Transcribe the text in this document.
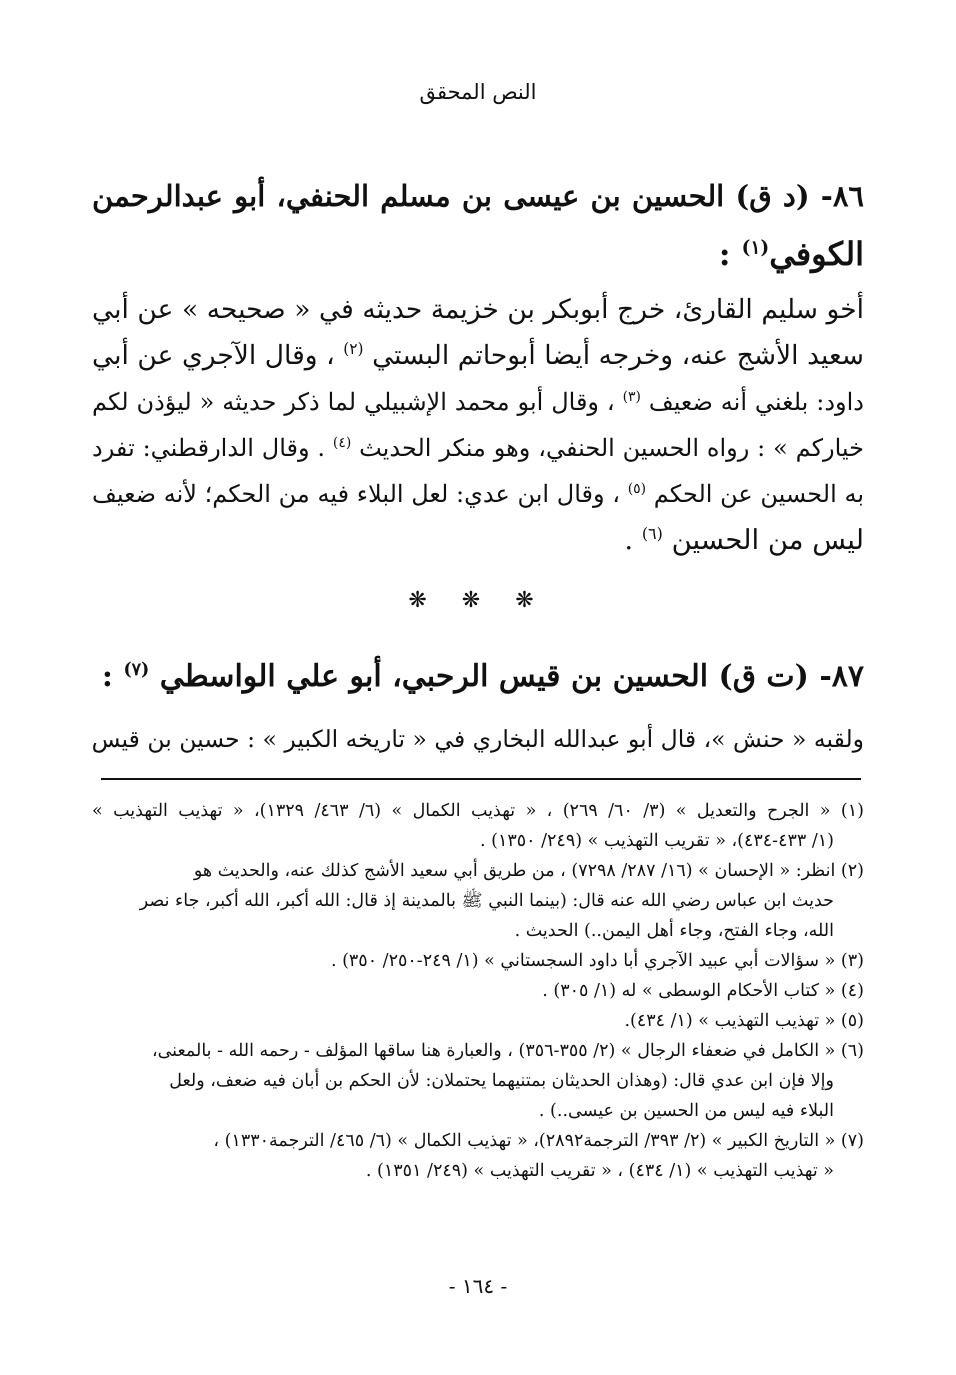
النص المحقق
٨٦- (د ق) الحسين بن عيسى بن مسلم الحنفي، أبو عبدالرحمن
الكوفي$^{(١)}$ :
أخو سليم القارئ، خرج أبوبكر بن خزيمة حديثه في « صحيحه » عن أبي
سعيد الأشج عنه، وخرجه أيضا أبوحاتم البستي $^{(٢)}$ ، وقال الآجري عن أبي
داود: بلغني أنه ضعيف $^{(٣)}$ ، وقال أبو محمد الإشبيلي لما ذكر حديثه « ليؤذن لكم
خياركم » : رواه الحسين الحنفي، وهو منكر الحديث $^{(٤)}$ . وقال الدارقطني: تفرد
به الحسين عن الحكم $^{(٥)}$ ، وقال ابن عدي: لعل البلاء فيه من الحكم؛ لأنه ضعيف
ليس من الحسين $^{(٦)}$ .
❋ ❋ ❋
٨٧- (ت ق) الحسين بن قيس الرحبي، أبو علي الواسطي $^{(٧)}$ :
ولقبه « حنش »، قال أبو عبدالله البخاري في « تاريخه الكبير » : حسين بن قيس
(١) « الجرح والتعديل » (٣/ ٦٠/ ٢٦٩) ، « تهذيب الكمال » (٦/ ٤٦٣/ ١٣٢٩)، « تهذيب التهذيب »
(١/ ٤٣٣-٤٣٤)، « تقريب التهذيب » (٢٤٩/ ١٣٥٠) .
(٢) انظر: « الإحسان » (١٦/ ٢٨٧/ ٧٢٩٨) ، من طريق أبي سعيد الأشج كذلك عنه، والحديث هو
حديث ابن عباس رضي الله عنه قال: (بينما النبي ﷺ بالمدينة إذ قال: الله أكبر، الله أكبر، جاء نصر
الله، وجاء الفتح، وجاء أهل اليمن..) الحديث .
(٣) « سؤالات أبي عبيد الآجري أبا داود السجستاني » (١/ ٢٤٩-٢٥٠/ ٣٥٠) .
(٤) « كتاب الأحكام الوسطى » له (١/ ٣٠٥) .
(٥) « تهذيب التهذيب » (١/ ٤٣٤).
(٦) « الكامل في ضعفاء الرجال » (٢/ ٣٥٥-٣٥٦) ، والعبارة هنا ساقها المؤلف - رحمه الله - بالمعنى،
وإلا فإن ابن عدي قال: (وهذان الحديثان بمتنيهما يحتملان: لأن الحكم بن أبان فيه ضعف، ولعل
البلاء فيه ليس من الحسين بن عيسى..) .
(٧) « التاريخ الكبير » (٢/ ٣٩٣/ الترجمة٢٨٩٢)، « تهذيب الكمال » (٦/ ٤٦٥/ الترجمة١٣٣٠) ،
« تهذيب التهذيب » (١/ ٤٣٤) ، « تقريب التهذيب » (٢٤٩/ ١٣٥١) .
- ١٦٤ -
